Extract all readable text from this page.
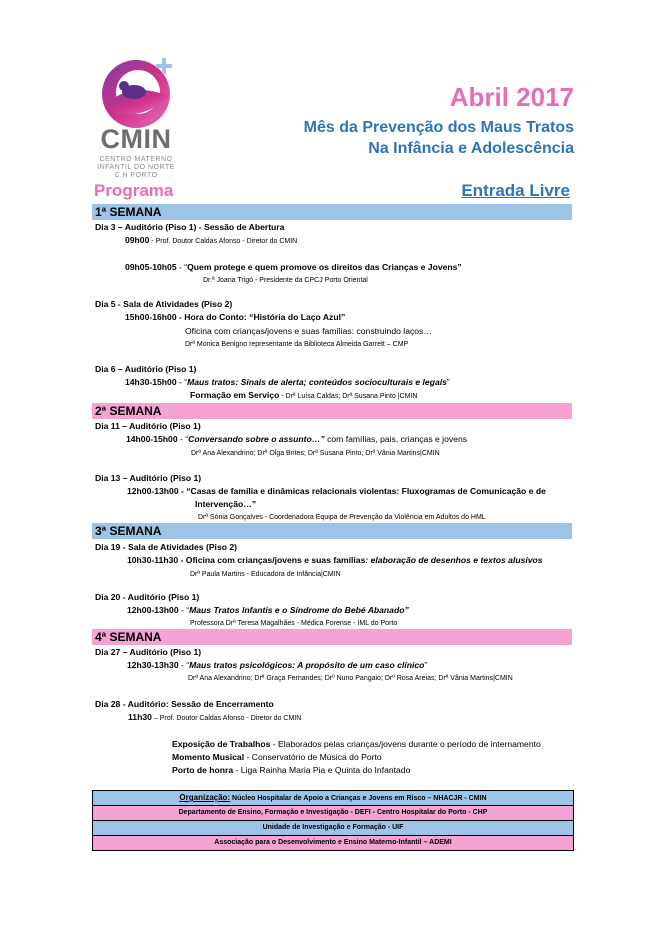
CMIN
CENTRO MATERNO
INFANTIL DO NORTE
C H PORTO
Abril 2017
Mês da Prevenção dos Maus Tratos
Na Infância e Adolescência
Programa	Entrada Livre
1ª SEMANA
Dia 3 – Auditório (Piso 1) - Sessão de Abertura
09h00 - Prof. Doutor Caldas Afonso - Diretor do CMIN
09h05-10h05 - “Quem protege e quem promove os direitos das Crianças e Jovens”
Dr.ª Joana Trigó - Presidente da CPCJ Porto Oriental
Dia 5 - Sala de Atividades (Piso 2)
15h00-16h00 - Hora do Conto: “História do Laço Azul”
Oficina com crianças/jovens e suas famílias: construindo laços…
Drª Monica Benigno representante da Biblioteca Almeida Garrett – CMP
Dia 6 – Auditório (Piso 1)
14h30-15h00 - “Maus tratos: Sinais de alerta; conteúdos socioculturais e legais”
Formação em Serviço - Drª Luísa Caldas; Drª Susana Pinto |CMIN
2ª SEMANA
Dia 11 – Auditório (Piso 1)
14h00-15h00 - “Conversando sobre o assunto…” com famílias, pais, crianças e jovens
Drª Ana Alexandrino; Drª Olga Brites; Drª Susana Pinto; Drª Vânia Martins|CMIN
Dia 13 – Auditório (Piso 1)
12h00-13h00 - “Casas de família e dinâmicas relacionais violentas: Fluxogramas de Comunicação e de
Intervenção…”
Drª Sónia Gonçalves - Coordenadora Equipa de Prevenção da Violência em Adultos do HML
3ª SEMANA
Dia 19 - Sala de Atividades (Piso 2)
10h30-11h30 - Oficina com crianças/jovens e suas famílias: elaboração de desenhos e textos alusivos
Drª Paula Martins - Educadora de Infância|CMIN
Dia 20 - Auditório (Piso 1)
12h00-13h00 - “Maus Tratos Infantis e o Síndrome do Bebé Abanado”
Professora Drª Teresa Magalhães - Médica Forense - IML do Porto
4ª SEMANA
Dia 27 – Auditório (Piso 1)
12h30-13h30 - “Maus tratos psicológicos: A propósito de um caso clínico”
Drª Ana Alexandrino; Drª Graça Fernandes; Drº Nuno Pangaio; Drº Rosa Areias; Drª Vânia Martins|CMIN
Dia 28 - Auditório: Sessão de Encerramento
11h30 – Prof. Doutor Caldas Afonso - Diretor do CMIN
Exposição de Trabalhos - Elaborados pelas crianças/jovens durante o período de internamento
Momento Musical - Conservatório de Música do Porto
Porto de honra - Liga Rainha Maria Pia e Quinta do Infantado
Organização: Núcleo Hospitalar de Apoio a Crianças e Jovens em Risco – NHACJR - CMIN
Departamento de Ensino, Formação e Investigação - DEFI - Centro Hospitalar do Porto - CHP
Unidade de Investigação e Formação - UIF
Associação para o Desenvolvimento e Ensino Materno-Infantil – ADEMI
